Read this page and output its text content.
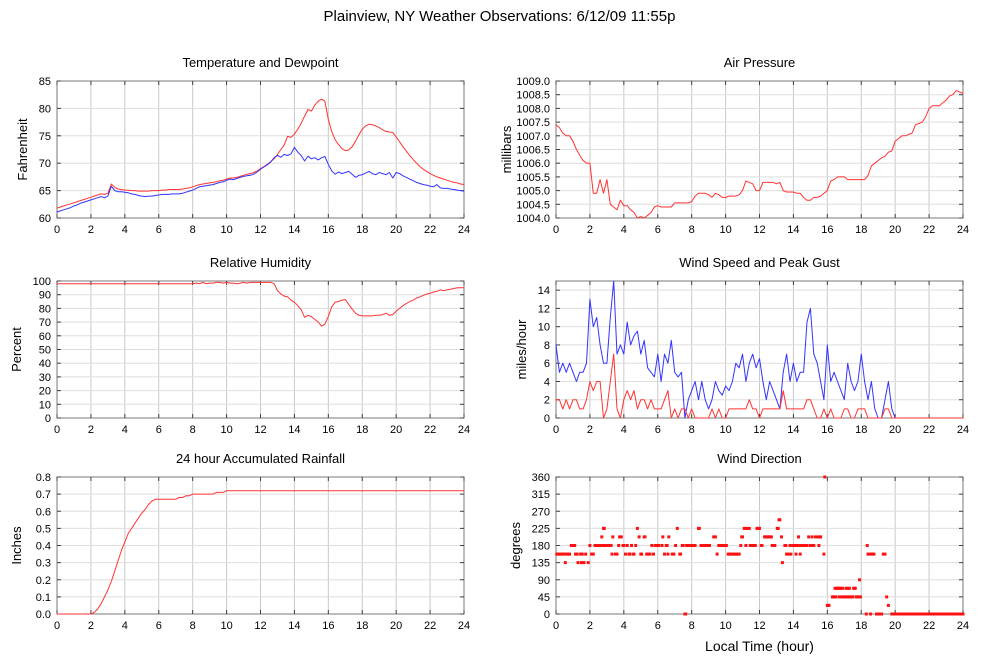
Plainview, NY Weather Observations: 6/12/09 11:55p
0	2	4	6	8 10 12 14 16 18 20 22 24
60
65
70
75
80
85
Temperature and Dewpoint
Fahrenheit
0	2	4	6	8 10 12 14 16 18 20 22 24
1004.0
1004.5
1005.0
1005.5
1006.0
1006.5
1007.0
1007.5
1008.0
1008.5
1009.0
Air Pressure
millibars
0	2	4	6	8 10 12 14 16 18 20 22 24
0
10
20
30
40
50
60
70
80
90
100
Relative Humidity
Percent
0	2	4	6	8 10 12 14 16 18 20 22 24
0
2
4
6
8
10
12
14
Wind Speed and Peak Gust
miles/hour
0	2	4	6	8 10 12 14 16 18 20 22 24
0.0
0.1
0.2
0.3
0.4
0.5
0.6
0.7
0.8
24 hour Accumulated Rainfall
Inches
0	2	4	6	8 10 12 14 16 18 20 22 24
0
45
90
135
180
225
270
315
360
Wind Direction
degrees
Local Time (hour)
